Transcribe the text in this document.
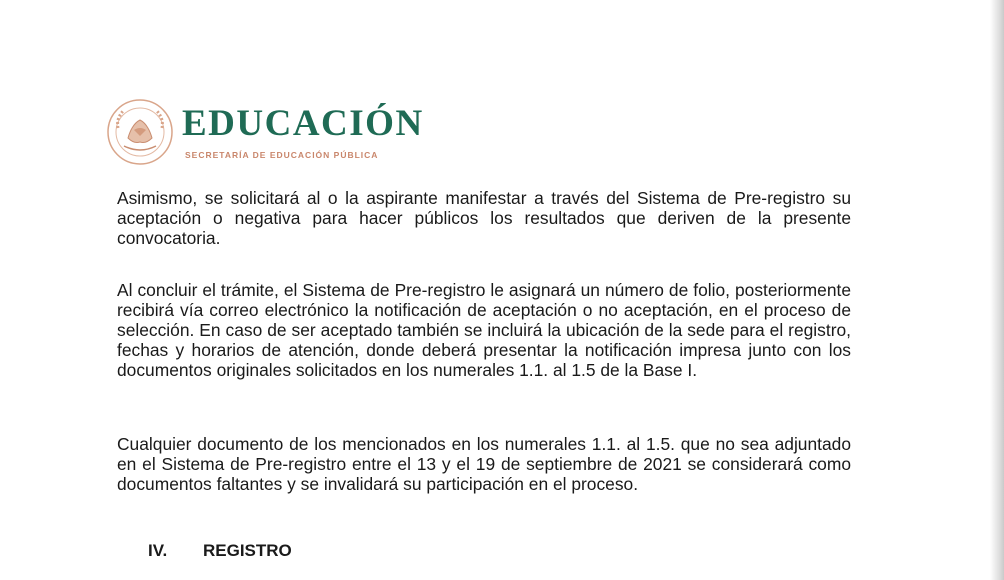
EDUCACIÓN
SECRETARÍA DE EDUCACIÓN PÚBLICA

Asimismo, se solicitará al o la aspirante manifestar a través del Sistema de Pre-registro su aceptación o negativa para hacer públicos los resultados que deriven de la presente convocatoria.

Al concluir el trámite, el Sistema de Pre-registro le asignará un número de folio, posteriormente recibirá vía correo electrónico la notificación de aceptación o no aceptación, en el proceso de selección. En caso de ser aceptado también se incluirá la ubicación de la sede para el registro, fechas y horarios de atención, donde deberá presentar la notificación impresa junto con los documentos originales solicitados en los numerales 1.1. al 1.5 de la Base I.

Cualquier documento de los mencionados en los numerales 1.1. al 1.5. que no sea adjuntado en el Sistema de Pre-registro entre el 13 y el 19 de septiembre de 2021 se considerará como documentos faltantes y se invalidará su participación en el proceso.

IV.	REGISTRO
